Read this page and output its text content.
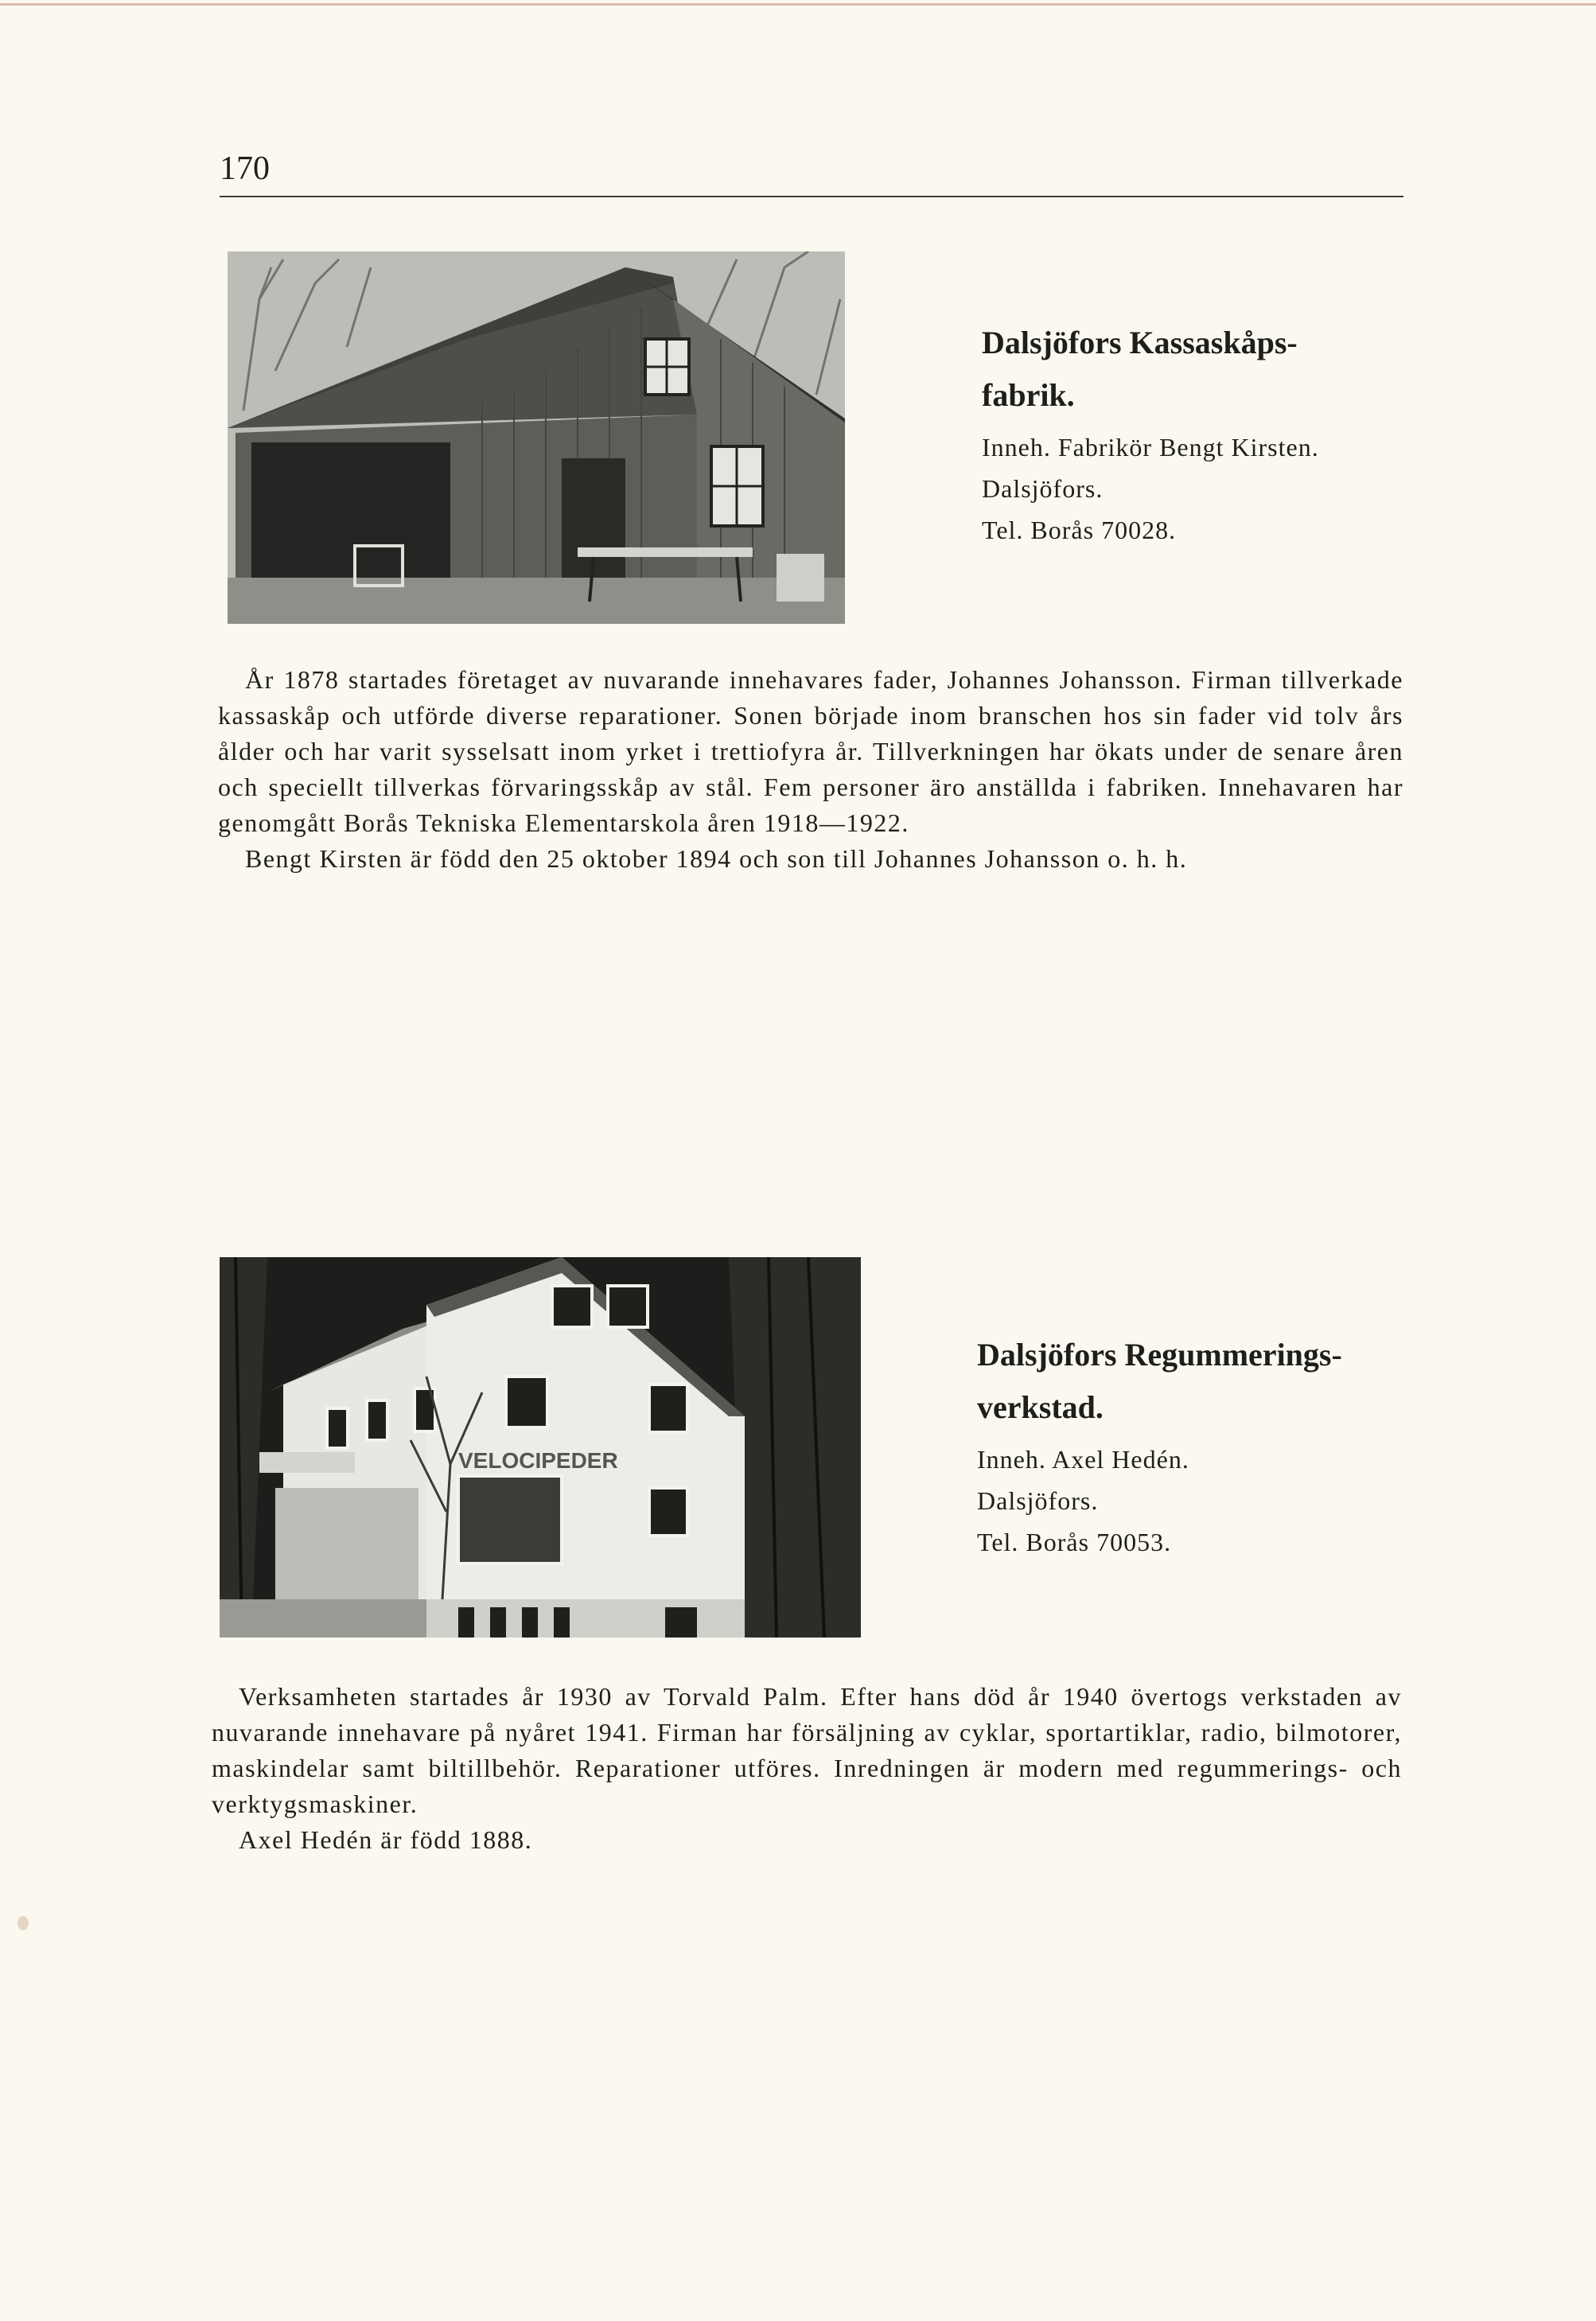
170
Dalsjöfors Kassaskåps-
fabrik.
Inneh. Fabrikör Bengt Kirsten.
Dalsjöfors.
Tel. Borås 70028.

År 1878 startades företaget av nuvarande innehavares fader, Johannes Johansson. Firman tillverkade kassaskåp och utförde diverse reparationer. Sonen började inom branschen hos sin fader vid tolv års ålder och har varit sysselsatt inom yrket i trettiofyra år. Tillverkningen har ökats under de senare åren och speciellt tillverkas förvaringsskåp av stål. Fem personer äro anställda i fabriken. Innehavaren har genomgått Borås Tekniska Elementarskola åren 1918—1922.

Bengt Kirsten är född den 25 oktober 1894 och son till Johannes Johansson o. h. h.

VELOCIPEDER
Dalsjöfors Regummerings-
verkstad.
Inneh. Axel Hedén.
Dalsjöfors.
Tel. Borås 70053.

Verksamheten startades år 1930 av Torvald Palm. Efter hans död år 1940 övertogs verkstaden av nuvarande innehavare på nyåret 1941. Firman har försäljning av cyklar, sportartiklar, radio, bilmotorer, maskindelar samt biltillbehör. Reparationer utföres. Inredningen är modern med regummerings- och verktygsmaskiner.

Axel Hedén är född 1888.
